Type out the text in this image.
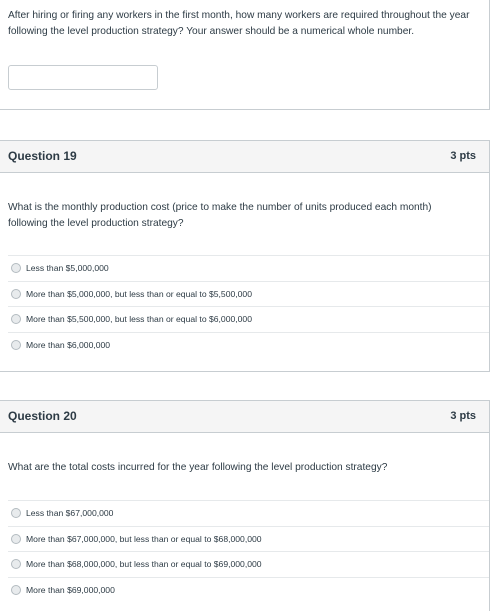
After hiring or firing any workers in the first month, how many workers are required throughout the year following the level production strategy? Your answer should be a numerical whole number.

Question 19	3 pts

What is the monthly production cost (price to make the number of units produced each month) following the level production strategy?

Less than $5,000,000
More than $5,000,000, but less than or equal to $5,500,000
More than $5,500,000, but less than or equal to $6,000,000
More than $6,000,000
Question 20	3 pts

What are the total costs incurred for the year following the level production strategy?

Less than $67,000,000
More than $67,000,000, but less than or equal to $68,000,000
More than $68,000,000, but less than or equal to $69,000,000
More than $69,000,000
